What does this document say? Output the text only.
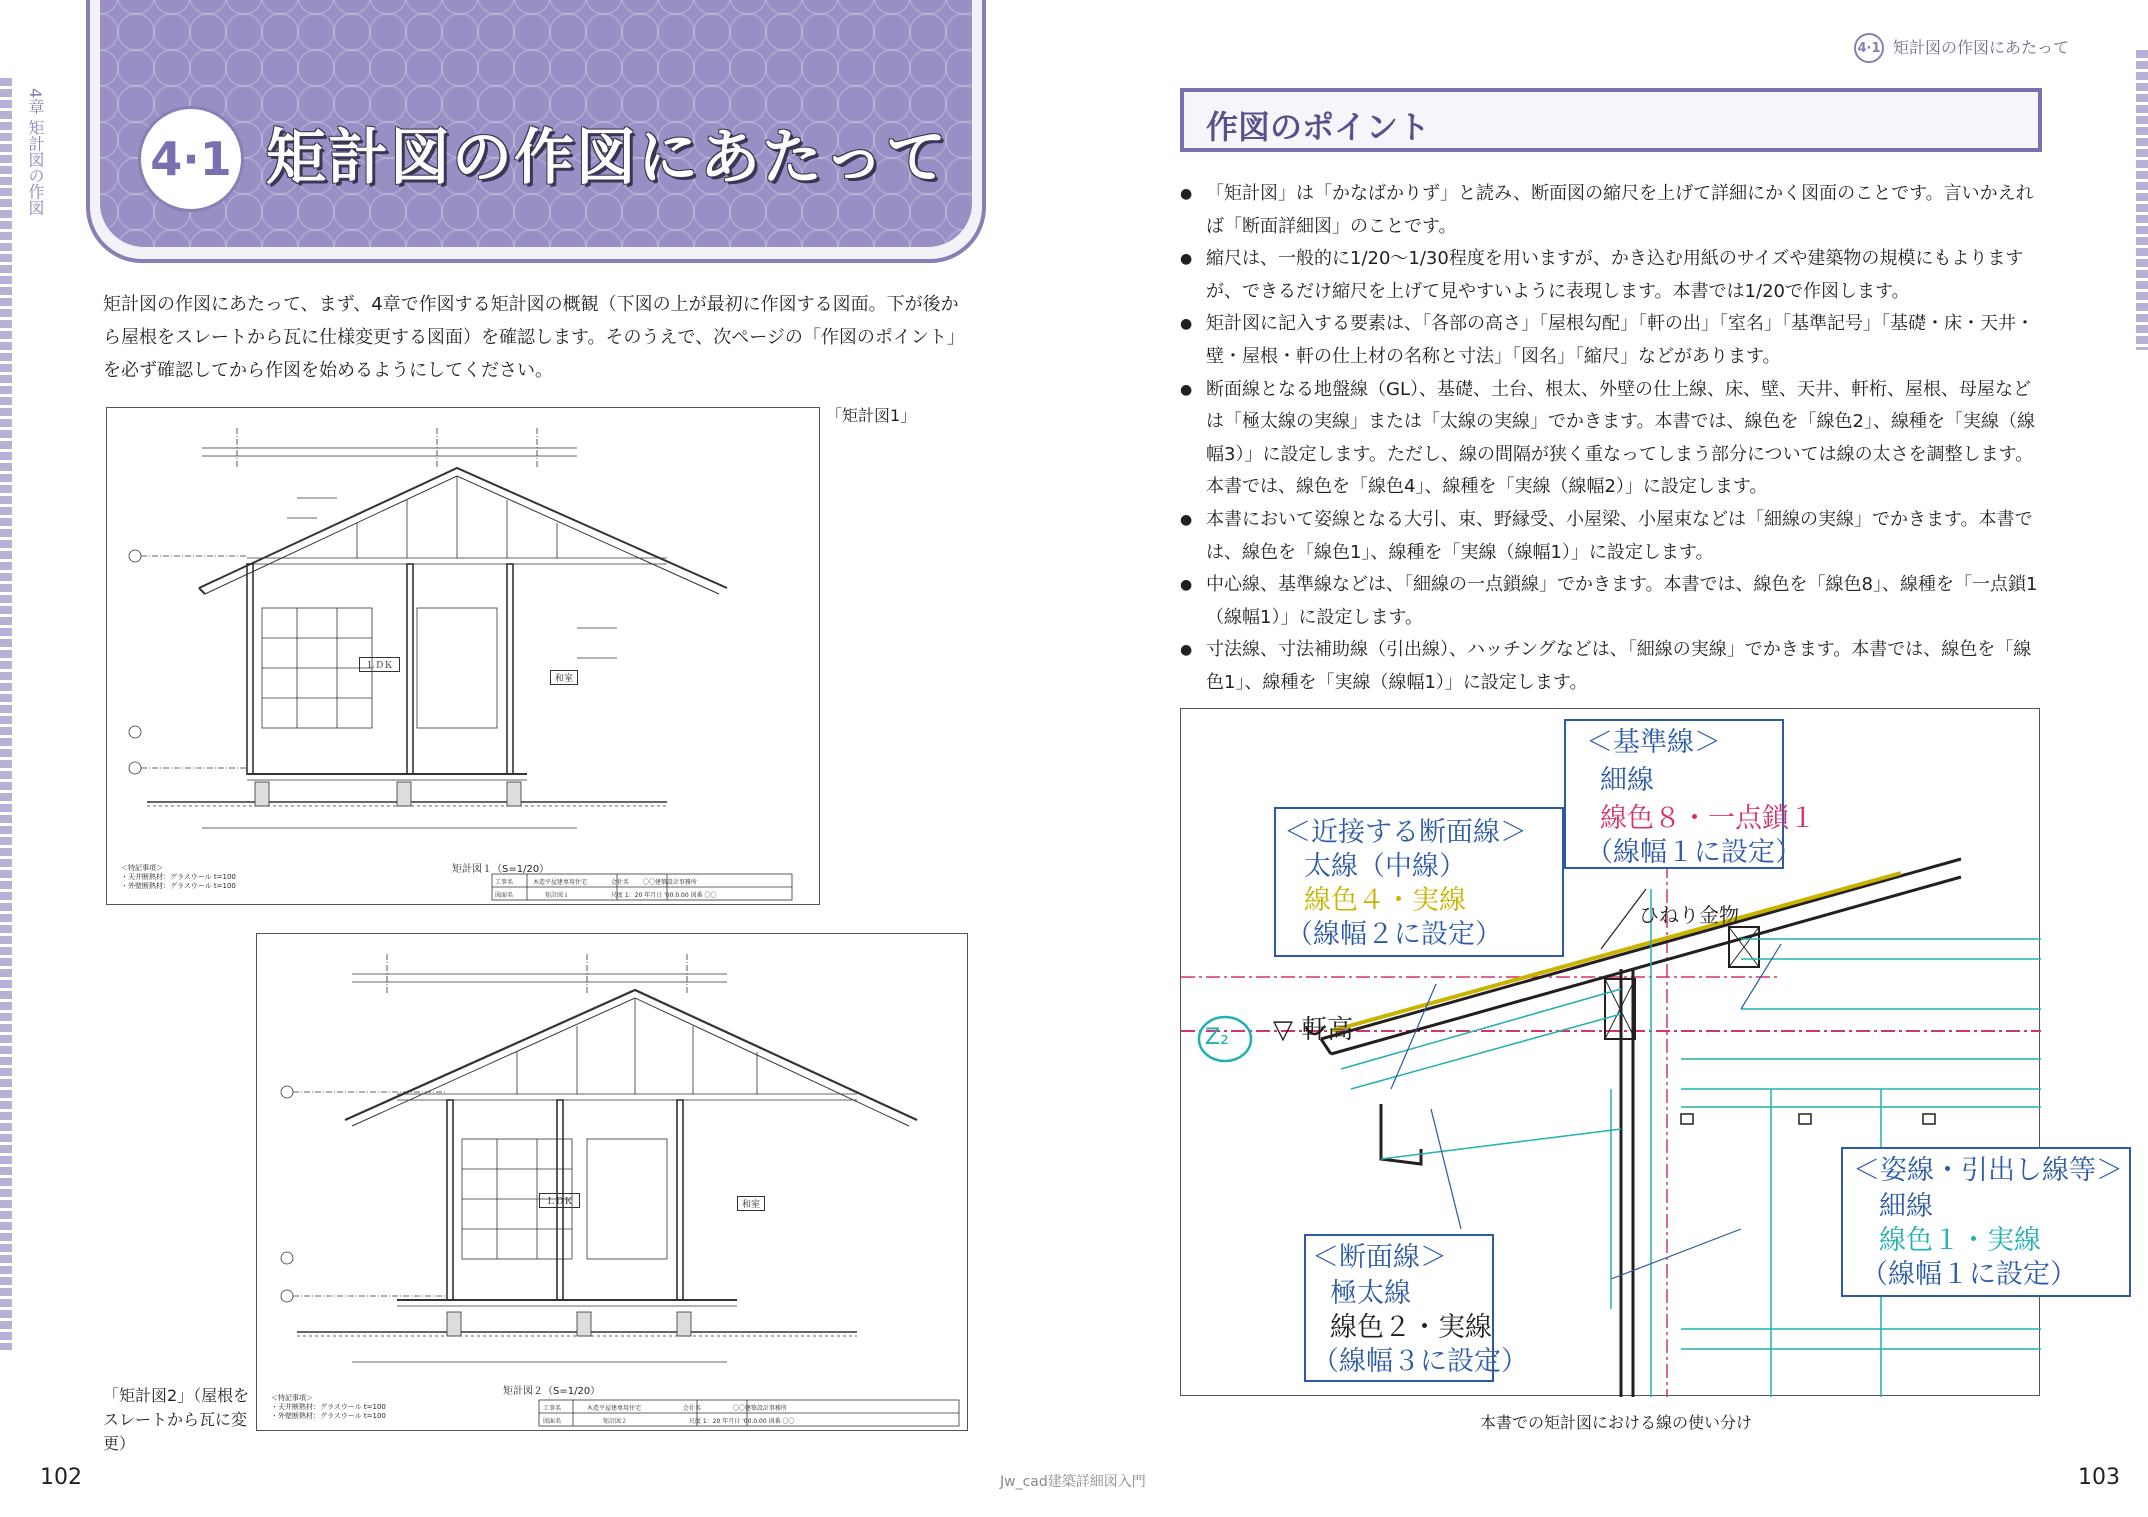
4章 矩計図の作図 4·1 矩計図の作図にあたって
矩計図の作図にあたって、まず、4章で作図する矩計図の概観（下図の上が最初に作図する図面。下が後から屋根をスレートから瓦に仕様変更する図面）を確認します。そのうえで、次ページの「作図のポイント」を必ず確認してから作図を始めるようにしてください。
「矩計図1」
ＬＤＫ
和室
矩計図１（S=1/20）
＜特記事項＞
・天井断熱材：グラスウール t=100
・外壁断熱材：グラスウール t=100	工事名	木造平屋建専用住宅	会社名 〇〇建築設計事務所
図面名	矩計図１	尺度 1：20 年月日 '00.0.00 図番 〇〇
ＬＤＫ	和室
矩計図２（S=1/20）
＜特記事項＞
・天井断熱材：グラスウール t=100
・外壁断熱材：グラスウール t=100
工事名	木造平屋建専用住宅	会社名	〇〇建築設計事務所
図面名	矩計図２	尺度 1：20 年月日 '00.0.00 図番 〇〇
「矩計図2」（屋根をスレートから瓦に変更）
102
4·1 矩計図の作図にあたって
作図のポイント
● 「矩計図」は「かなばかりず」と読み、断面図の縮尺を上げて詳細にかく図面のことです。言いかえれば「断面詳細図」のことです。
● 縮尺は、一般的に1/20～1/30程度を用いますが、かき込む用紙のサイズや建築物の規模にもよりますが、できるだけ縮尺を上げて見やすいように表現します。本書では1/20で作図します。
● 矩計図に記入する要素は、「各部の高さ」「屋根勾配」「軒の出」「室名」「基準記号」「基礎・床・天井・壁・屋根・軒の仕上材の名称と寸法」「図名」「縮尺」などがあります。
● 断面線となる地盤線（GL）、基礎、土台、根太、外壁の仕上線、床、壁、天井、軒桁、屋根、母屋などは「極太線の実線」または「太線の実線」でかきます。本書では、線色を「線色2」、線種を「実線（線幅3）」に設定します。ただし、線の間隔が狭く重なってしまう部分については線の太さを調整します。本書では、線色を「線色4」、線種を「実線（線幅2）」に設定します。
● 本書において姿線となる大引、束、野縁受、小屋梁、小屋束などは「細線の実線」でかきます。本書では、線色を「線色1」、線種を「実線（線幅1）」に設定します。
● 中心線、基準線などは、「細線の一点鎖線」でかきます。本書では、線色を「線色8」、線種を「一点鎖1（線幅1）」に設定します。
● 寸法線、寸法補助線（引出線）、ハッチングなどは、「細線の実線」でかきます。本書では、線色を「線色1」、線種を「実線（線幅1）」に設定します。
Z₂ ▽ 軒高
ひねり金物
＜基準線＞
細線
線色８・一点鎖１
（線幅１に設定）
＜近接する断面線＞
太線（中線）
線色４・実線
（線幅２に設定）
＜姿線・引出し線等＞
細線
線色１・実線
（線幅１に設定）
＜断面線＞
極太線
線色２・実線
（線幅３に設定）
本書での矩計図における線の使い分け
Jw_cad建築詳細図入門	103
